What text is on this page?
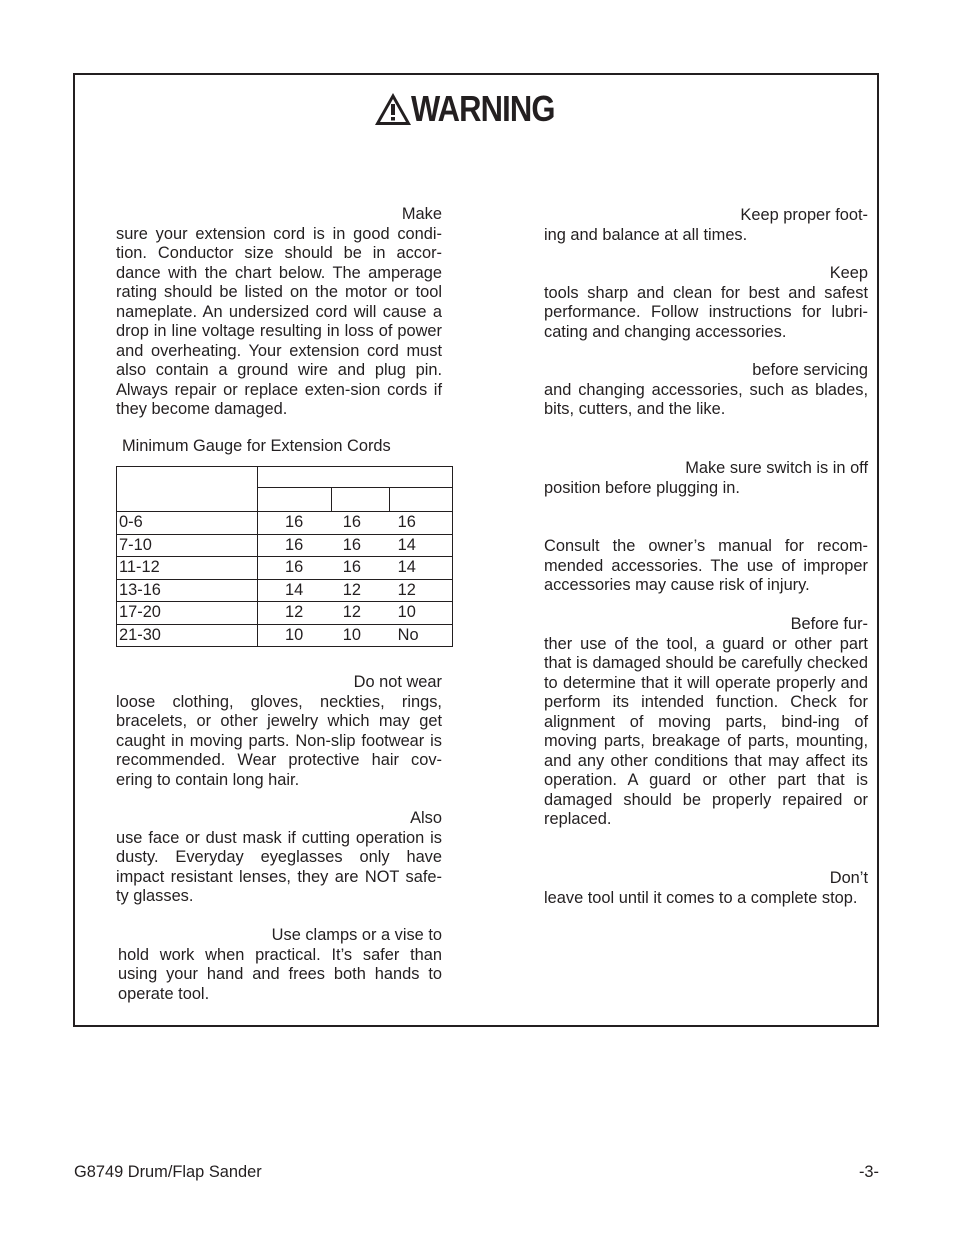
WARNING
Make

sure your extension cord is in good condi-tion. Conductor size should be in accor-dance with the chart below. The amperage rating should be listed on the motor or tool nameplate. An undersized cord will cause a drop in line voltage resulting in loss of power and overheating. Your extension cord must also contain a ground wire and plug pin. Always repair or replace exten-sion cords if they become damaged.

Minimum Gauge for Extension Cords

0-6	16	16	16
7-10	16	16	14
11-12	16	16	14
13-16	14	12	12
17-20	12	12	10
21-30	10	10	No
Do not wear

loose clothing, gloves, neckties, rings, bracelets, or other jewelry which may get caught in moving parts. Non-slip footwear is recommended. Wear protective hair cov-ering to contain long hair.

Also

use face or dust mask if cutting operation is dusty. Everyday eyeglasses only have impact resistant lenses, they are NOT safe-ty glasses.

Use clamps or a vise to

hold work when practical. It’s safer than using your hand and frees both hands to operate tool.

Keep proper foot-

ing and balance at all times.

Keep

tools sharp and clean for best and safest performance. Follow instructions for lubri-cating and changing accessories.

before servicing

and changing accessories, such as blades, bits, cutters, and the like.

Make sure switch is in off

position before plugging in.

Consult the owner’s manual for recom-mended accessories. The use of improper accessories may cause risk of injury.

Before fur-

ther use of the tool, a guard or other part that is damaged should be carefully checked to determine that it will operate properly and perform its intended function. Check for alignment of moving parts, bind-ing of moving parts, breakage of parts, mounting, and any other conditions that may affect its operation. A guard or other part that is damaged should be properly repaired or replaced.

Don’t

leave tool until it comes to a complete stop.

G8749 Drum/Flap Sander	-3-
